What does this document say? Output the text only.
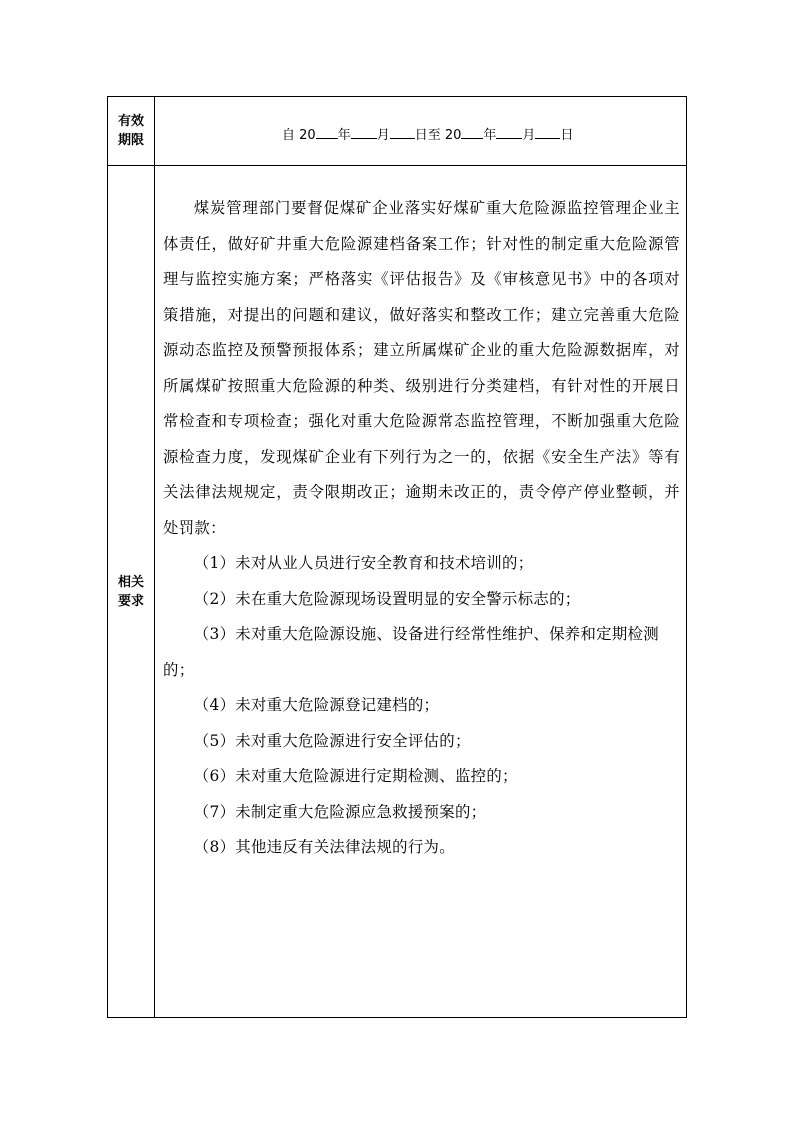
有效
期限	自 20 年 月 日至 20 年 月 日
相关
要求

煤炭管理部门要督促煤矿企业落实好煤矿重大危险源监控管理企业主体责任，做好矿井重大危险源建档备案工作；针对性的制定重大危险源管理与监控实施方案；严格落实《评估报告》及《审核意见书》中的各项对策措施，对提出的问题和建议，做好落实和整改工作；建立完善重大危险源动态监控及预警预报体系；建立所属煤矿企业的重大危险源数据库，对所属煤矿按照重大危险源的种类、级别进行分类建档，有针对性的开展日常检查和专项检查；强化对重大危险源常态监控管理，不断加强重大危险源检查力度，发现煤矿企业有下列行为之一的，依据《安全生产法》等有关法律法规规定，责令限期改正；逾期未改正的，责令停产停业整顿，并处罚款：

（1）未对从业人员进行安全教育和技术培训的；

（2）未在重大危险源现场设置明显的安全警示标志的；

（3）未对重大危险源设施、设备进行经常性维护、保养和定期检测的；

（4）未对重大危险源登记建档的；

（5）未对重大危险源进行安全评估的；

（6）未对重大危险源进行定期检测、监控的；

（7）未制定重大危险源应急救援预案的；

（8）其他违反有关法律法规的行为。
